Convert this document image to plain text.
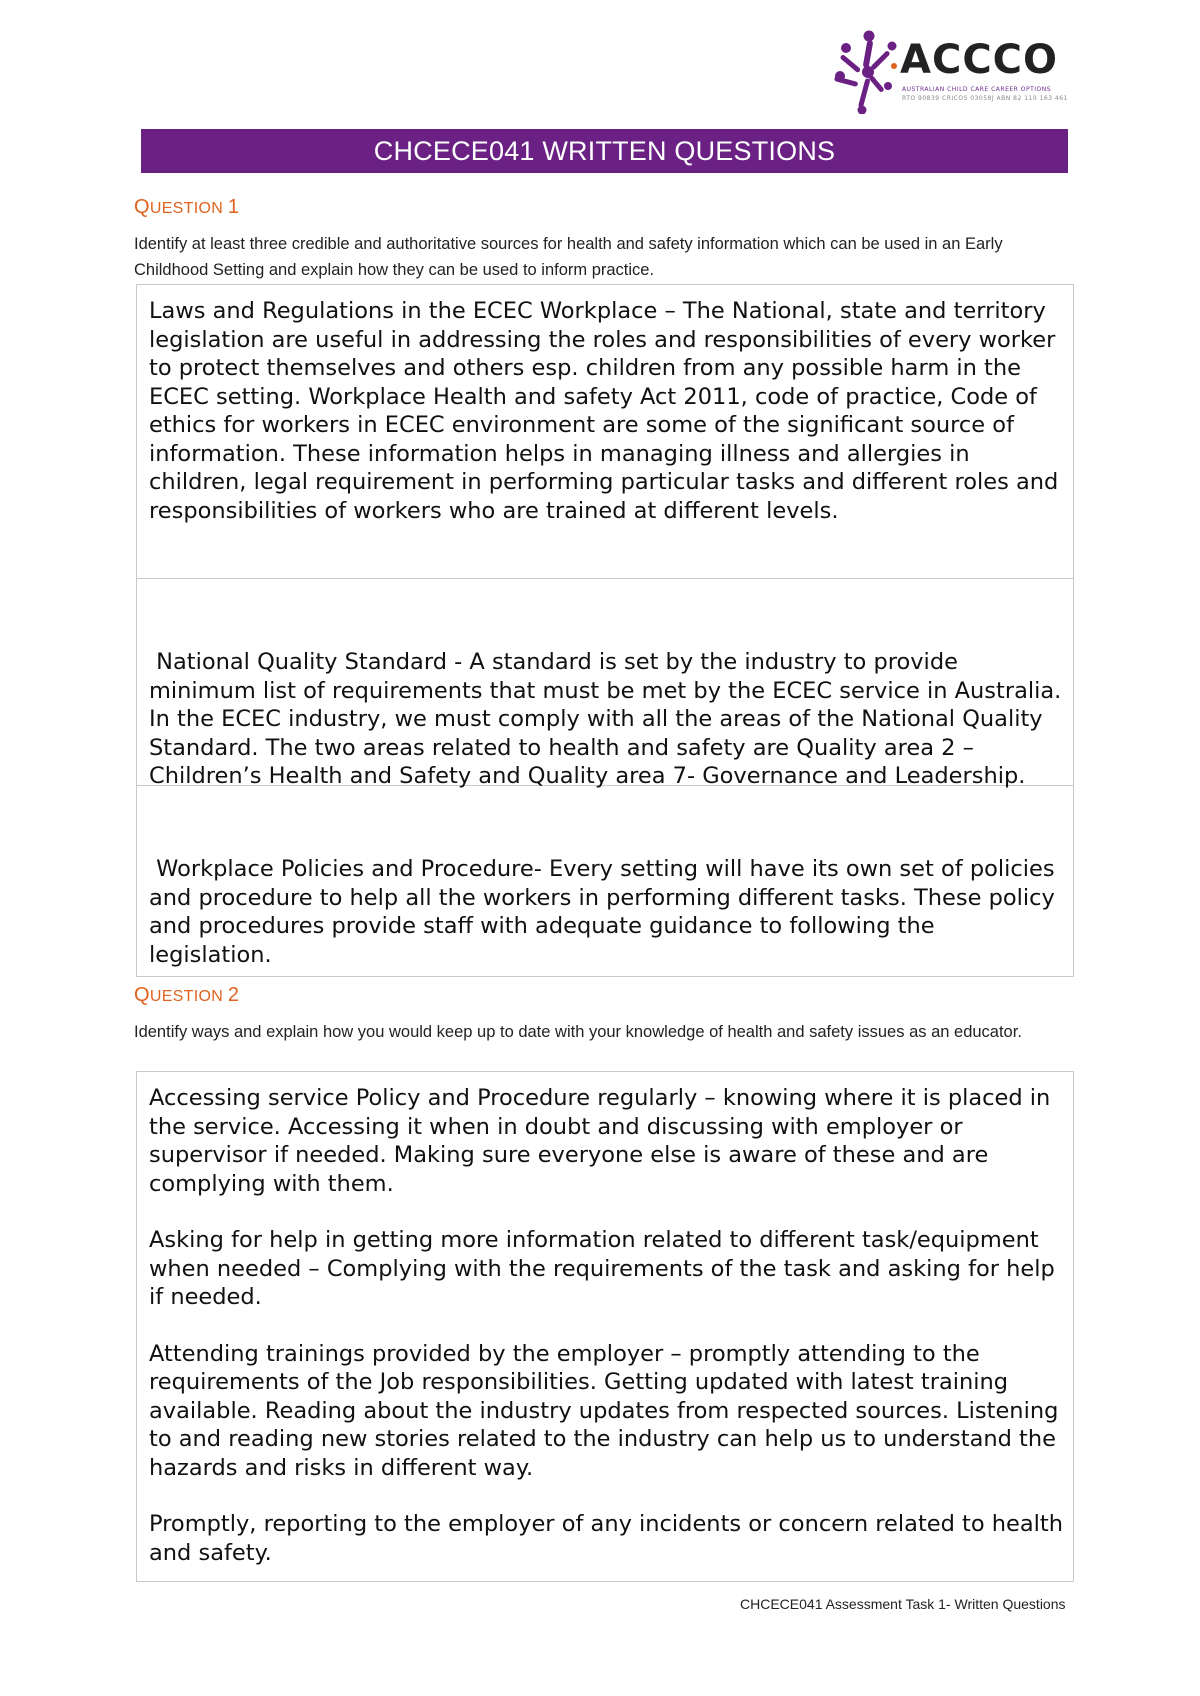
ACCCO
AUSTRALIAN CHILD CARE CAREER OPTIONS
RTO 90839 CRICOS 03058J ABN 82 110 163 461
CHCECE041 WRITTEN QUESTIONS
QUESTION 1
Identify at least three credible and authoritative sources for health and safety information which can be used in an Early Childhood Setting and explain how they can be used to inform practice.
Laws and Regulations in the ECEC Workplace – The National, state and territory legislation are useful in addressing the roles and responsibilities of every worker to protect themselves and others esp. children from any possible harm in the ECEC setting. Workplace Health and safety Act 2011, code of practice, Code of ethics for workers in ECEC environment are some of the significant source of information. These information helps in managing illness and allergies in children, legal requirement in performing particular tasks and different roles and responsibilities of workers who are trained at different levels.

National Quality Standard - A standard is set by the industry to provide minimum list of requirements that must be met by the ECEC service in Australia. In the ECEC industry, we must comply with all the areas of the National Quality Standard. The two areas related to health and safety are Quality area 2 – Children’s Health and Safety and Quality area 7- Governance and Leadership.

Workplace Policies and Procedure- Every setting will have its own set of policies and procedure to help all the workers in performing different tasks. These policy and procedures provide staff with adequate guidance to following the legislation.

QUESTION 2
Identify ways and explain how you would keep up to date with your knowledge of health and safety issues as an educator.

Accessing service Policy and Procedure regularly – knowing where it is placed in the service. Accessing it when in doubt and discussing with employer or supervisor if needed. Making sure everyone else is aware of these and are complying with them.

Asking for help in getting more information related to different task/equipment when needed – Complying with the requirements of the task and asking for help if needed.

Attending trainings provided by the employer – promptly attending to the requirements of the Job responsibilities. Getting updated with latest training available. Reading about the industry updates from respected sources. Listening to and reading new stories related to the industry can help us to understand the hazards and risks in different way.

Promptly, reporting to the employer of any incidents or concern related to health and safety.

CHCECE041 Assessment Task 1- Written Questions
